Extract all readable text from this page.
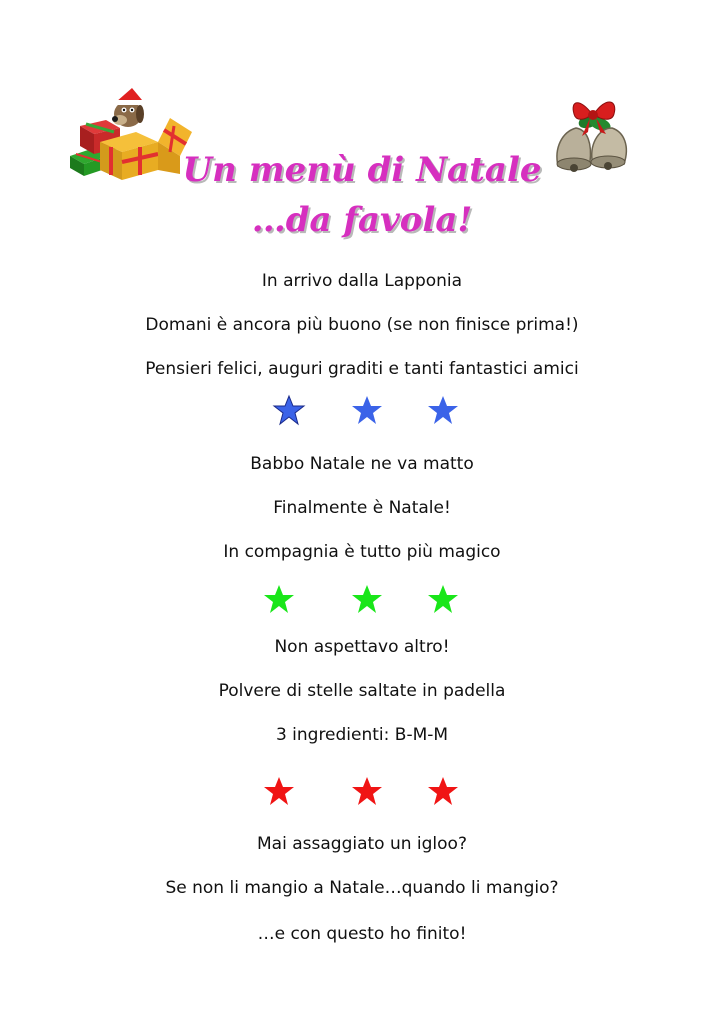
Un menù di Natale
…da favola!
In arrivo dalla Lapponia
Domani è ancora più buono (se non finisce prima!)
Pensieri felici, auguri graditi e tanti fantastici amici
Babbo Natale ne va matto
Finalmente è Natale!
In compagnia è tutto più magico
Non aspettavo altro!
Polvere di stelle saltate in padella
3 ingredienti: B-M-M
Mai assaggiato un igloo?
Se non li mangio a Natale…quando li mangio?
…e con questo ho finito!
